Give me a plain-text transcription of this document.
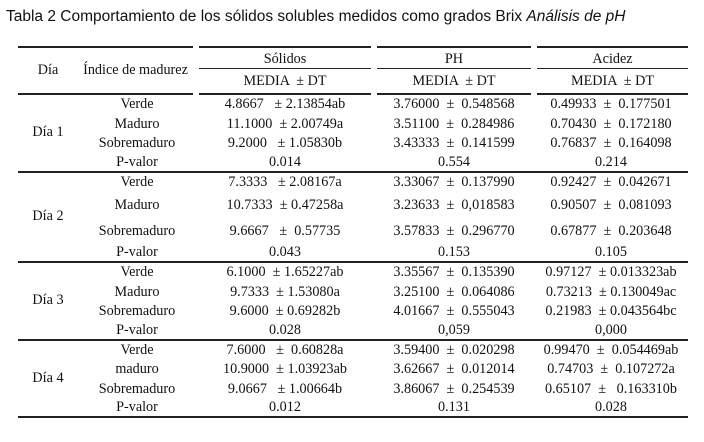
Tabla 2 Comportamiento de los sólidos solubles medidos como grados Brix Análisis de pH
Día	Índice de madurez	Sólidos	PH	Acidez
		MEDIA  ± DT	MEDIA  ± DT	MEDIA  ± DT
Día 1	Verde	4.8667   ± 2.13854ab	3.76000  ±  0.548568	0.49933  ±  0.177501
	Maduro	11.1000  ± 2.00749a	3.51100  ±  0.284986	0.70430  ±  0.172180
	Sobremaduro	9.2000   ± 1.05830b	3.43333  ±  0.141599	0.76837  ±  0.164098
	P-valor	0.014	0.554	0.214
Día 2	Verde	7.3333   ± 2.08167a	3.33067  ±  0.137990	0.92427  ±  0.042671
	Maduro	10.7333  ± 0.47258a	3.23633  ±  0,018583	0.90507  ±  0.081093
	Sobremaduro	9.6667   ±  0.57735	3.57833  ±  0.296770	0.67877  ±  0.203648
	P-valor	0.043	0.153	0.105
Día 3	Verde	6.1000  ± 1.65227ab	3.35567  ±  0.135390	0.97127  ± 0.013323ab
	Maduro	9.7333  ± 1.53080a	3.25100  ±  0.064086	0.73213  ± 0.130049ac
	Sobremaduro	9.6000  ± 0.69282b	4.01667  ±  0.555043	0.21983  ± 0.043564bc
	P-valor	0.028	0,059	0,000
Día 4	Verde	7.6000   ±  0.60828a	3.59400  ±  0.020298	0.99470  ±  0.054469ab
	maduro	10.9000  ± 1.03923ab	3.62667  ±  0.012014	0.74703  ±  0.107272a
	Sobremaduro	9.0667   ± 1.00664b	3.86067  ±  0.254539	0.65107  ±   0.163310b
	P-valor	0.012	0.131	0.028
